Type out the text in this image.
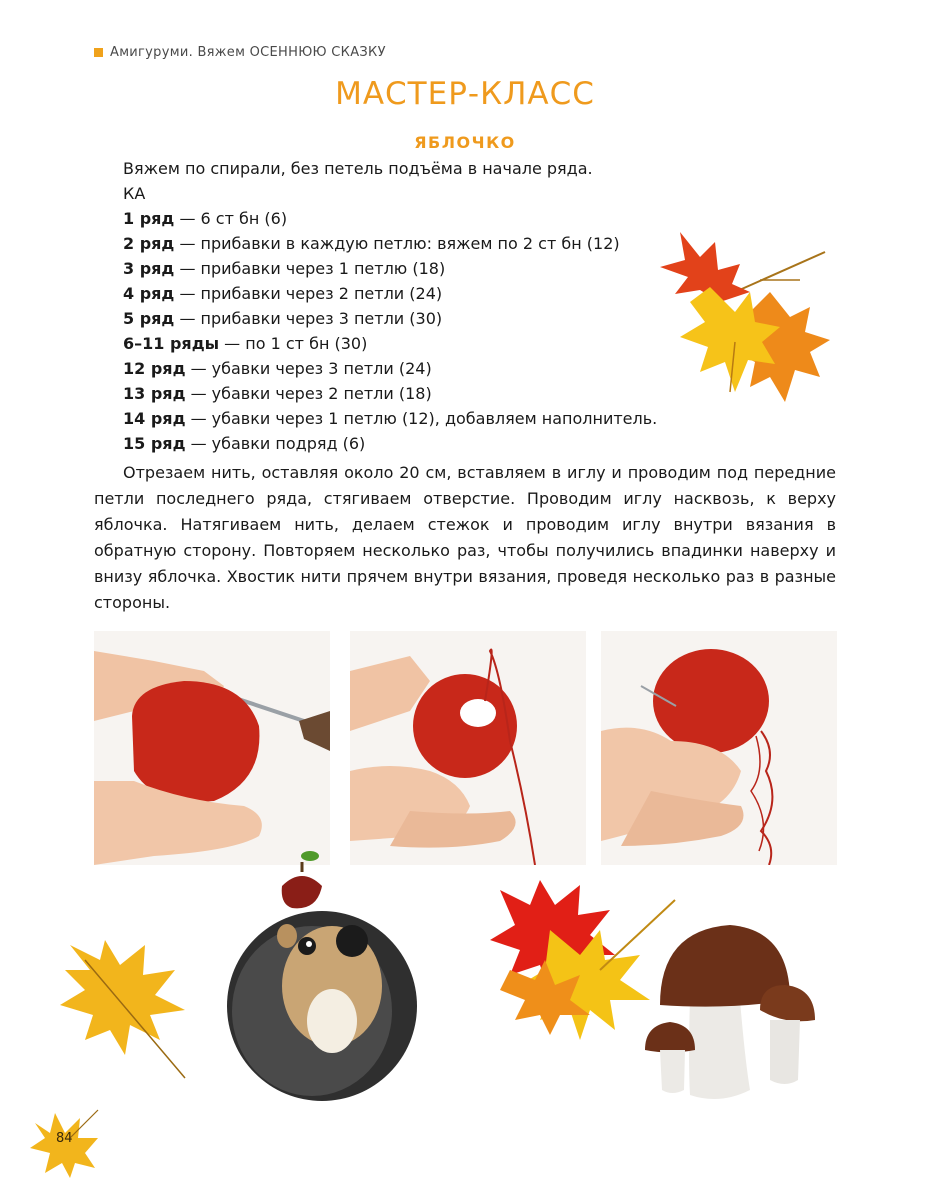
Амигуруми. Вяжем ОСЕННЮЮ СКАЗКУ
МАСТЕР-КЛАСС
ЯБЛОЧКО
Вяжем по спирали, без петель подъёма в начале ряда.
КА
1 ряд — 6 ст бн (6)
2 ряд — прибавки в каждую петлю: вяжем по 2 ст бн (12)
3 ряд — прибавки через 1 петлю (18)
4 ряд — прибавки через 2 петли (24)
5 ряд — прибавки через 3 петли (30)
6–11 ряды — по 1 ст бн (30)
12 ряд — убавки через 3 петли (24)
13 ряд — убавки через 2 петли (18)
14 ряд — убавки через 1 петлю (12), добавляем наполнитель.
15 ряд — убавки подряд (6)

Отрезаем нить, оставляя около 20 см, вставляем в иглу и проводим под передние петли последнего ряда, стягиваем отверстие. Проводим иглу насквозь, к верху яблочка. Натягиваем нить, делаем стежок и проводим иглу внутри вязания в обратную сторону. Повторяем несколько раз, чтобы получились впадинки наверху и внизу яблочка. Хвостик нити прячем внутри вязания, проведя несколько раз в разные стороны.

84
